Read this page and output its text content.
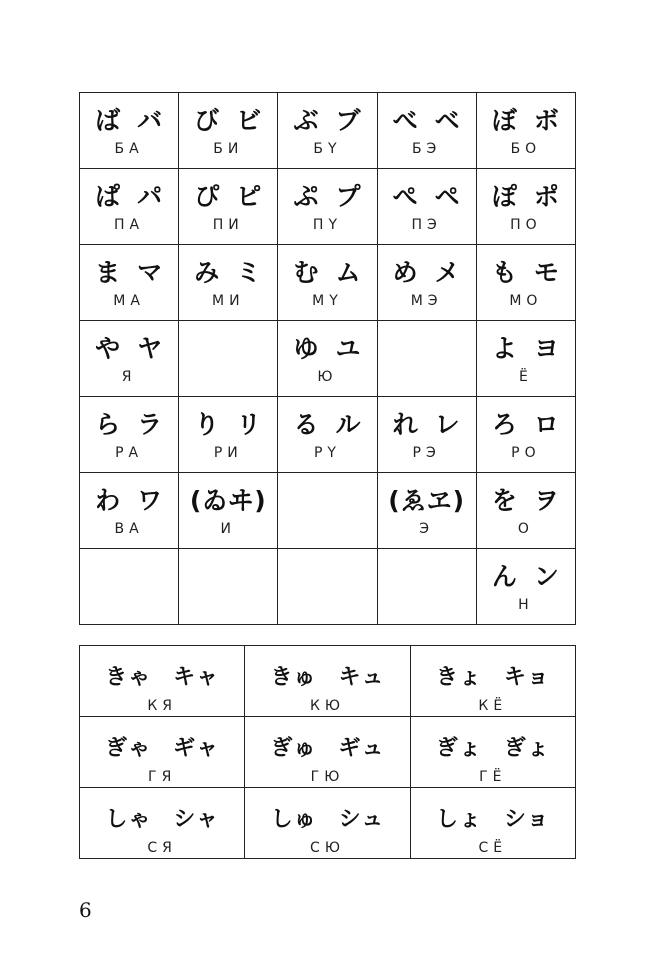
ば バ
БА	び ビ
БИ	ぶ ブ
БҮ	べ ベ
БЭ	ぼ ボ
БО

ぱ パ
ПА	ぴ ピ
ПИ	ぷ プ
ПҮ	ぺ ペ
ПЭ	ぽ ポ
ПО

ま マ
МА	み ミ
МИ	む ム
МҮ	め メ
МЭ	も モ
МО

や ヤ
Я		ゆ ユ
Ю		よ ヨ
Ё

ら ラ
РА	り リ
РИ	る ル
РҮ	れ レ
РЭ	ろ ロ
РО

わ ワ
ВА	(ゐヰ)
И		(ゑヱ)
Э	を ヲ
О

				ん ン
Н
きゃ キャ
КЯ	きゅ キュ
КЮ	きょ キョ
КЁ

ぎゃ ギャ
ГЯ	ぎゅ ギュ
ГЮ	ぎょ ぎょ
ГЁ

しゃ シャ
СЯ	しゅ シュ
СЮ	しょ ショ
СЁ
6
